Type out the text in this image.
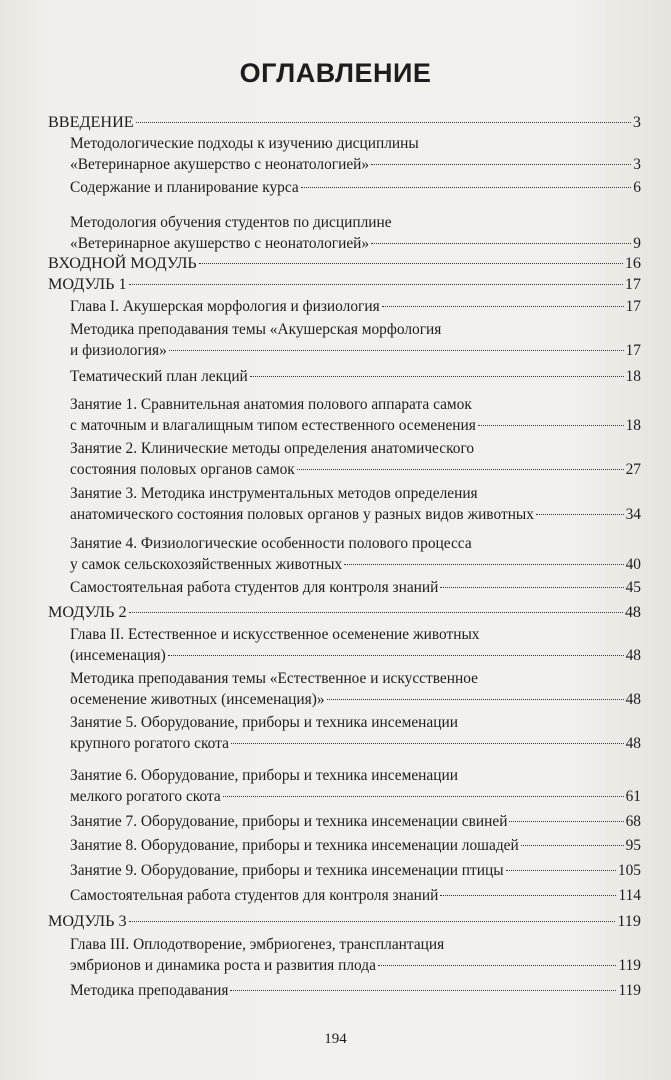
ОГЛАВЛЕНИЕ
ВВЕДЕНИЕ	3
Методологические подходы к изучению дисциплины
«Ветеринарное акушерство с неонатологией»	3
Содержание и планирование курса	6
Методология обучения студентов по дисциплине
«Ветеринарное акушерство с неонатологией»	9
ВХОДНОЙ МОДУЛЬ	16
МОДУЛЬ 1	17
Глава I. Акушерская морфология и физиология	17
Методика преподавания темы «Акушерская морфология
и физиология»	17
Тематический план лекций	18
Занятие 1. Сравнительная анатомия полового аппарата самок
с маточным и влагалищным типом естественного осеменения	18
Занятие 2. Клинические методы определения анатомического
состояния половых органов самок	27
Занятие 3. Методика инструментальных методов определения
анатомического состояния половых органов у разных видов животных	34
Занятие 4. Физиологические особенности полового процесса
у самок сельскохозяйственных животных	40
Самостоятельная работа студентов для контроля знаний	45
МОДУЛЬ 2	48
Глава II. Естественное и искусственное осеменение животных
(инсеменация)	48
Методика преподавания темы «Естественное и искусственное
осеменение животных (инсеменация)»	48
Занятие 5. Оборудование, приборы и техника инсеменации
крупного рогатого скота	48
Занятие 6. Оборудование, приборы и техника инсеменации
мелкого рогатого скота	61
Занятие 7. Оборудование, приборы и техника инсеменации свиней	68
Занятие 8. Оборудование, приборы и техника инсеменации лошадей	95
Занятие 9. Оборудование, приборы и техника инсеменации птицы	105
Самостоятельная работа студентов для контроля знаний	114
МОДУЛЬ 3	119
Глава III. Оплодотворение, эмбриогенез, трансплантация
эмбрионов и динамика роста и развития плода	119
Методика преподавания	119
194
